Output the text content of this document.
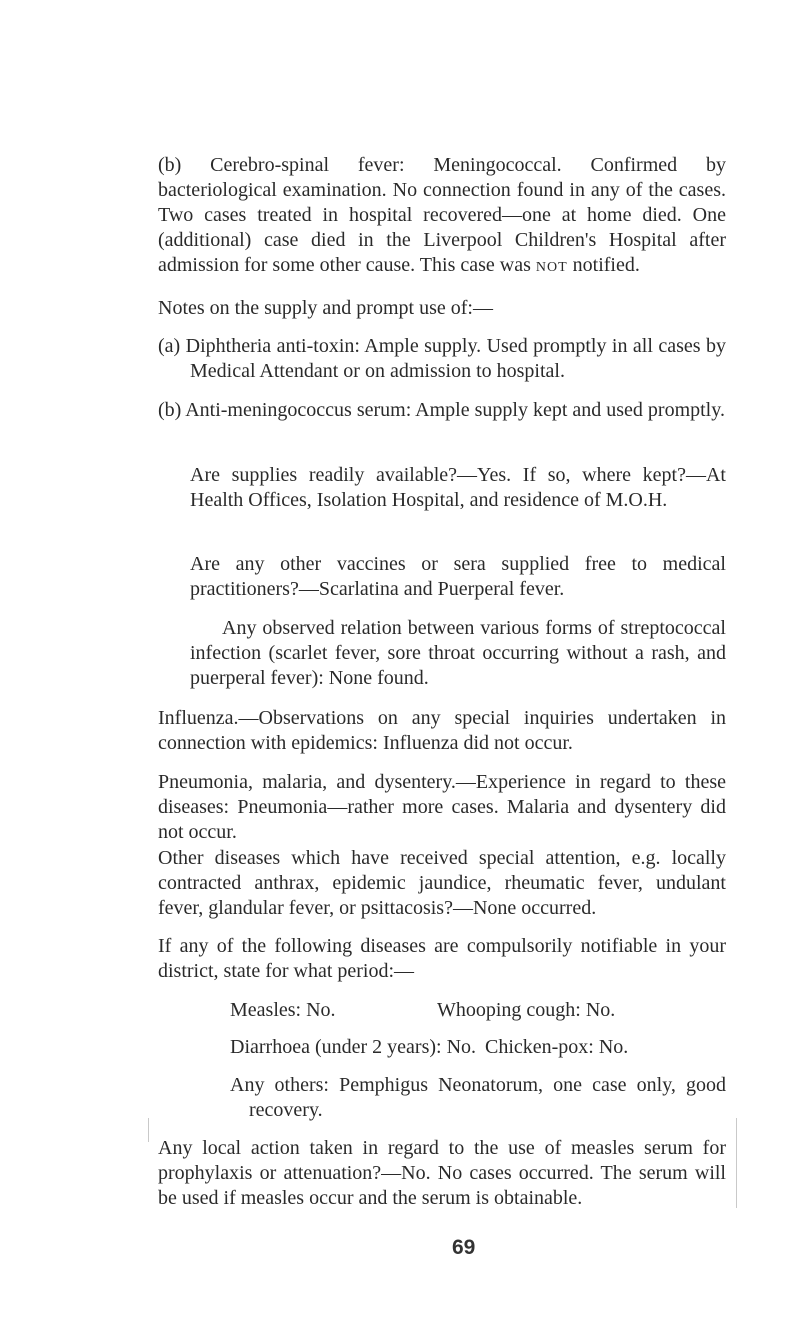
(b) Cerebro-spinal fever: Meningococcal. Confirmed by bacteriological examination. No connection found in any of the cases. Two cases treated in hospital recovered—one at home died. One (additional) case died in the Liverpool Children's Hospital after admission for some other cause. This case was not notified.

Notes on the supply and prompt use of:—

(a) Diphtheria anti-toxin: Ample supply. Used promptly in all cases by Medical Attendant or on admission to hospital.

(b) Anti-meningococcus serum: Ample supply kept and used promptly.

Are supplies readily available?—Yes. If so, where kept?—At Health Offices, Isolation Hospital, and residence of M.O.H.

Are any other vaccines or sera supplied free to medical practitioners?—Scarlatina and Puerperal fever.

Any observed relation between various forms of streptococcal infection (scarlet fever, sore throat occurring without a rash, and puerperal fever): None found.

Influenza.—Observations on any special inquiries undertaken in connection with epidemics: Influenza did not occur.

Pneumonia, malaria, and dysentery.—Experience in regard to these diseases: Pneumonia—rather more cases. Malaria and dysentery did not occur.

Other diseases which have received special attention, e.g. locally contracted anthrax, epidemic jaundice, rheumatic fever, undulant fever, glandular fever, or psittacosis?—None occurred.

If any of the following diseases are compulsorily notifiable in your district, state for what period:—

Measles: No.	Whooping cough: No.
Diarrhoea (under 2 years): No. Chicken-pox: No.

Any others: Pemphigus Neonatorum, one case only, good recovery.

Any local action taken in regard to the use of measles serum for prophylaxis or attenuation?—No. No cases occurred. The serum will be used if measles occur and the serum is obtainable.

69
